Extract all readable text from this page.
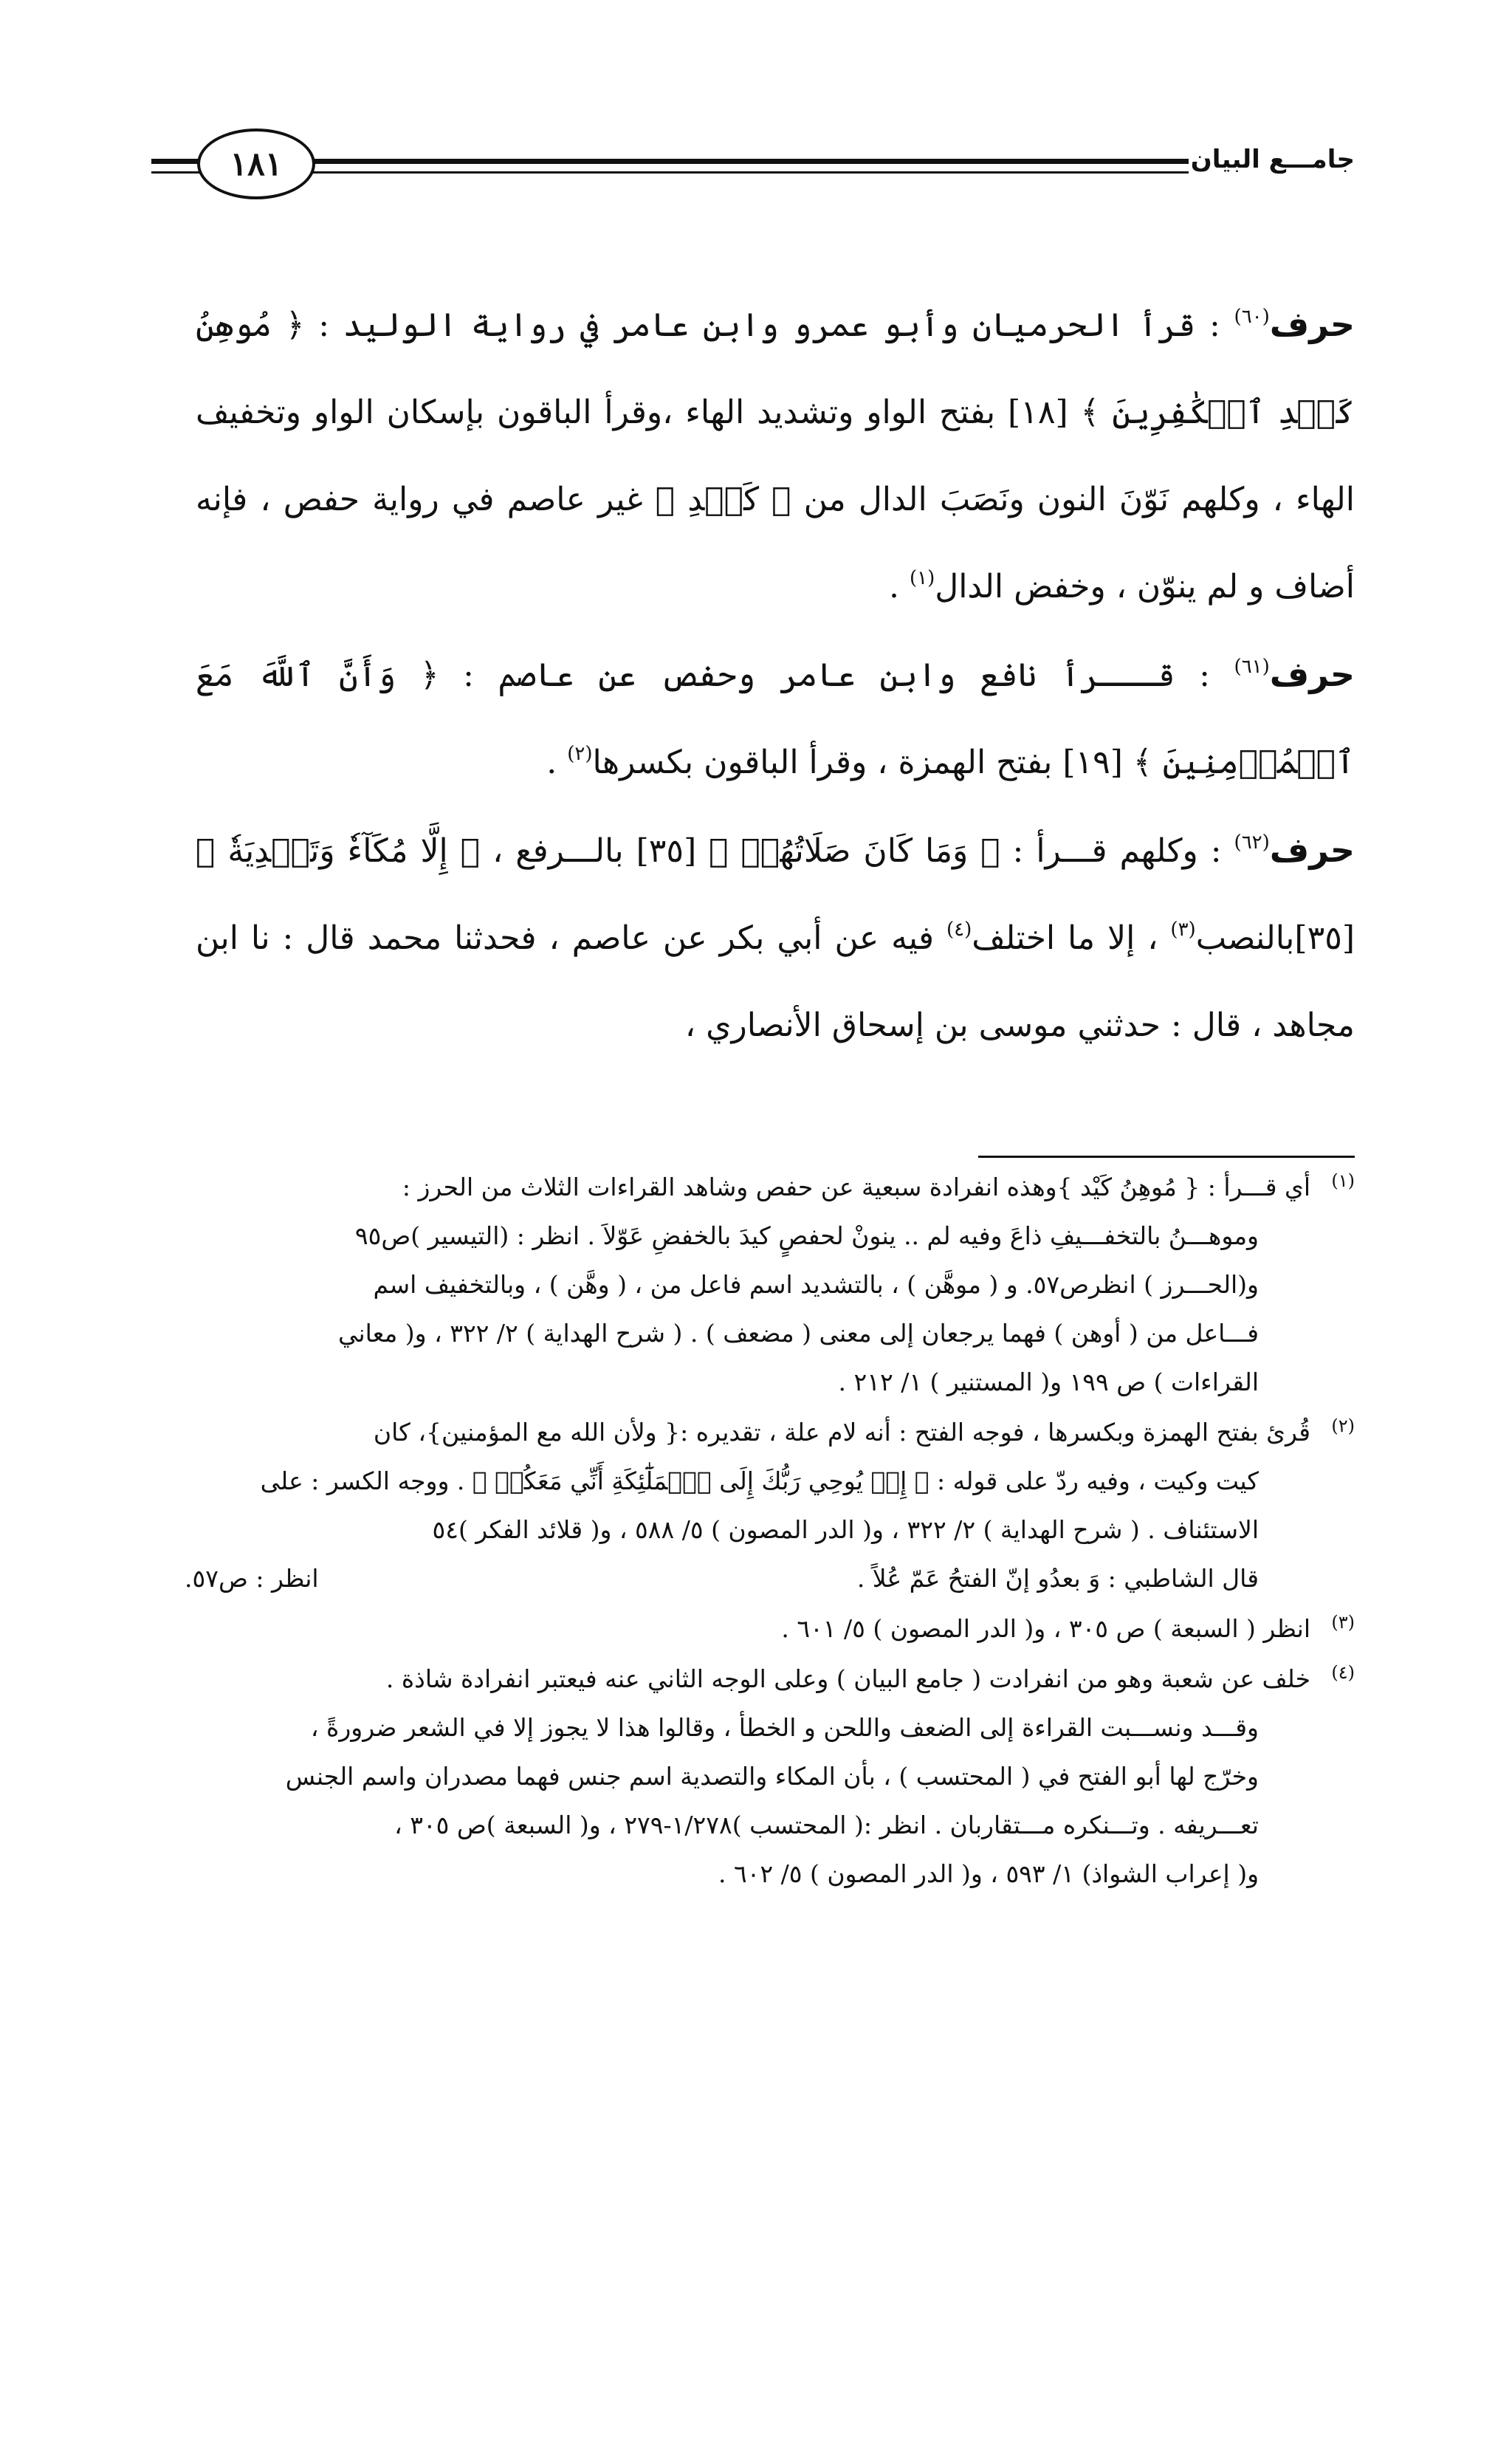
١٨١	جامـــع البيان

حرف$^{(٦٠)}$ : قرأ الحرميان وأبو عمرو وابن عامر في رواية الوليد : ﴿ مُوهِنُ كَيۡدِ ٱلۡكَٰفِرِينَ ﴾ [١٨] بفتح الواو وتشديد الهاء ،وقرأ الباقون بإسكان الواو وتخفيف الهاء ، وكلهم نَوّنَ النون ونَصَبَ الدال من ﴿ كَيۡدِ ﴾ غير عاصم في رواية حفص ، فإنه أضاف و لم ينوّن ، وخفض الدال$^{(١)}$ .

حرف$^{(٦١)}$ : قـــرأ نافع وابن عامر وحفص عن عاصم : ﴿ وَأَنَّ ٱللَّهَ مَعَ ٱلۡمُؤۡمِنِينَ ﴾ [١٩] بفتح الهمزة ، وقرأ الباقون بكسرها$^{(٢)}$ .

حرف$^{(٦٢)}$ : وكلهم قـــرأ : ﴿ وَمَا كَانَ صَلَاتُهُمۡ ﴾ [٣٥] بالـــرفع ، ﴿ إِلَّا مُكَآءٗ وَتَصۡدِيَةٗ ﴾ [٣٥]بالنصب$^{(٣)}$ ، إلا ما اختلف$^{(٤)}$ فيه عن أبي بكر عن عاصم ، فحدثنا محمد قال : نا ابن مجاهد ، قال : حدثني موسى بن إسحاق الأنصاري ،

(١)
أي قـــرأ : { مُوهِنُ كَيْد }وهذه انفرادة سبعية عن حفص وشاهد القراءات الثلاث من الحرز :
وموهـــنُ بالتخفـــيفِ ذاعَ وفيه لم .. ينونْ لحفصٍ كيدَ بالخفضِ عَوّلاَ . انظر : (التيسير )ص٩٥
و(الحـــرز ) انظرص٥٧. و ( موهَّن ) ، بالتشديد اسم فاعل من ، ( وهَّن ) ، وبالتخفيف اسم
فـــاعل من ( أوهن ) فهما يرجعان إلى معنى ( مضعف ) . ( شرح الهداية ) ٢/ ٣٢٢ ، و( معاني
القراءات ) ص ١٩٩ و( المستنير ) ١/ ٢١٢ .
(٢)
قُرئ بفتح الهمزة وبكسرها ، فوجه الفتح : أنه لام علة ، تقديره :{ ولأن الله مع المؤمنين}، كان
كيت وكيت ، وفيه ردّ على قوله : ﴿ إِذۡ يُوحِي رَبُّكَ إِلَى ٱلۡمَلَٰٓئِكَةِ أَنِّي مَعَكُمۡ ﴾ . ووجه الكسر : على
الاستئناف . ( شرح الهداية ) ٢/ ٣٢٢ ، و( الدر المصون ) ٥/ ٥٨٨ ، و( قلائد الفكر )٥٤
قال الشاطبي : وَ بعدُو إنّ الفتحُ عَمّ عُلاً .
انظر : ص٥٧.
(٣)
انظر ( السبعة ) ص ٣٠٥ ، و( الدر المصون ) ٥/ ٦٠١ .
(٤)
خلف عن شعبة وهو من انفرادت ( جامع البيان ) وعلى الوجه الثاني عنه فيعتبر انفرادة شاذة .
وقـــد ونســـبت القراءة إلى الضعف واللحن و الخطأ ، وقالوا هذا لا يجوز إلا في الشعر ضرورةً ،
وخرّج لها أبو الفتح في ( المحتسب ) ، بأن المكاء والتصدية اسم جنس فهما مصدران واسم الجنس
تعـــريفه . وتـــنكره مـــتقاربان . انظر :( المحتسب )١/٢٧٨-٢٧٩ ، و( السبعة )ص ٣٠٥ ،
و( إعراب الشواذ) ١/ ٥٩٣ ، و( الدر المصون ) ٥/ ٦٠٢ .
